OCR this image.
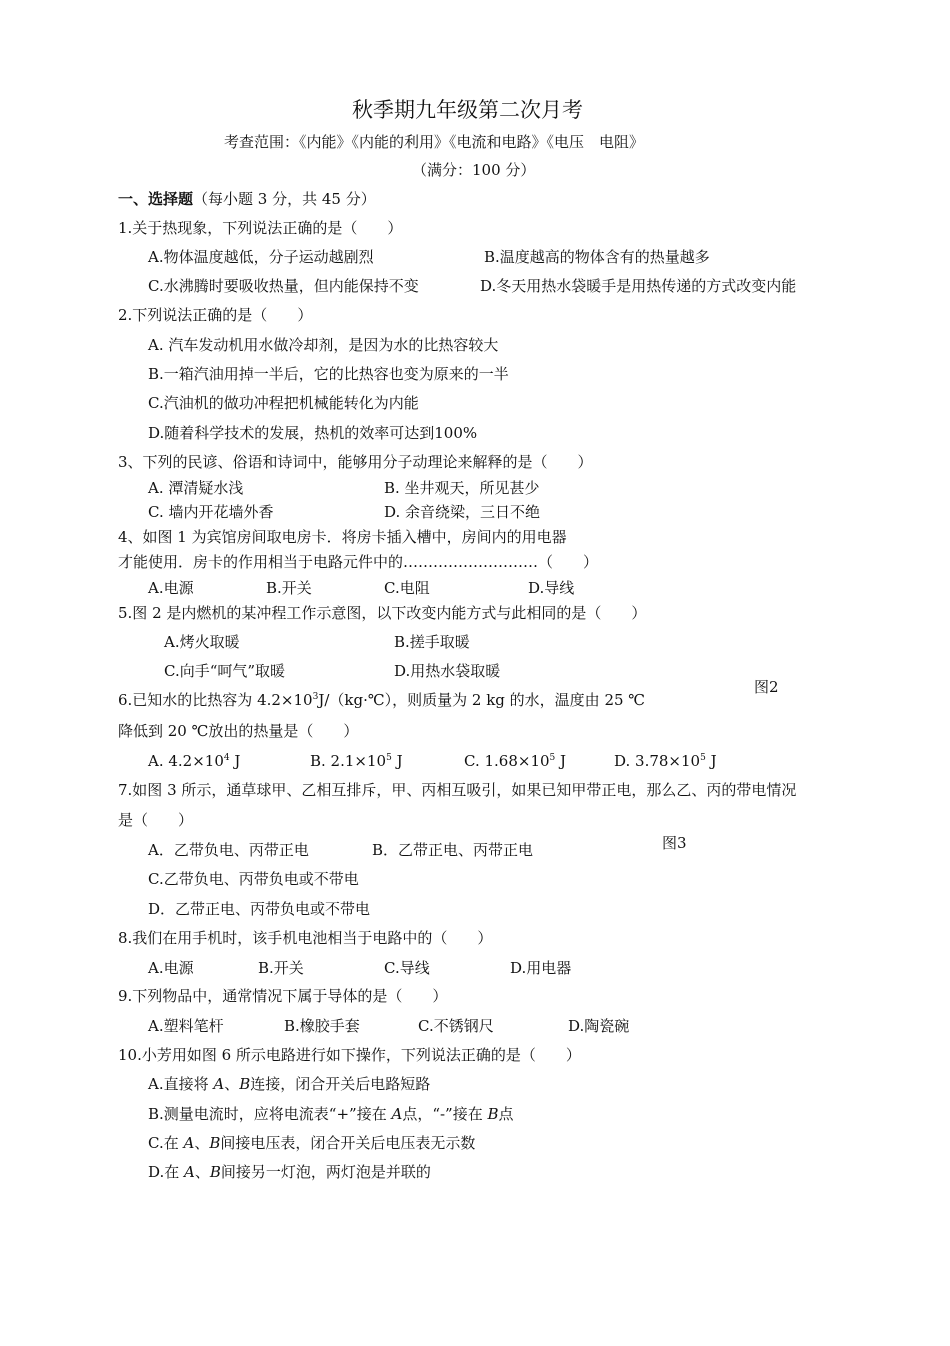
秋季期九年级第二次月考
考查范围：《内能》《内能的利用》《电流和电路》《电压　电阻》
（满分：100 分）
一、选择题（每小题 3 分，共 45 分）
1.关于热现象，下列说法正确的是（　　）
A.物体温度越低，分子运动越剧烈	B.温度越高的物体含有的热量越多
C.水沸腾时要吸收热量，但内能保持不变	D.冬天用热水袋暖手是用热传递的方式改变内能
2.下列说法正确的是（　　）
A. 汽车发动机用水做冷却剂，是因为水的比热容较大
B.一箱汽油用掉一半后，它的比热容也变为原来的一半
C.汽油机的做功冲程把机械能转化为内能
D.随着科学技术的发展，热机的效率可达到100%
3、下列的民谚、俗语和诗词中，能够用分子动理论来解释的是（　　）
A. 潭清疑水浅	B. 坐井观天，所见甚少
C. 墙内开花墙外香	D. 余音绕梁，三日不绝
4、如图 1 为宾馆房间取电房卡．将房卡插入槽中，房间内的用电器
才能使用．房卡的作用相当于电路元件中的………………………（　　）
A.电源	B.开关	C.电阻	D.导线
5.图 2 是内燃机的某冲程工作示意图，以下改变内能方式与此相同的是（　　）
A.烤火取暖	B.搓手取暖
C.向手“呵气”取暖	D.用热水袋取暖
图2
6.已知水的比热容为 $4.2\times 10^3J/(kg\cdot℃)$，则质量为 2 kg 的水，温度由 25 ℃
降低到 20 ℃放出的热量是（　　）
A. $4.2\times 10^4$ J	B. $2.1\times 10^5$ J	C. $1.68\times 10^5$ J	D. $3.78\times 10^5$ J
7.如图 3 所示，通草球甲、乙相互排斥，甲、丙相互吸引，如果已知甲带正电，那么乙、丙的带电情况
是（　　）
图3
A．乙带负电、丙带正电	B．乙带正电、丙带正电
C.乙带负电、丙带负电或不带电
D．乙带正电、丙带负电或不带电
8.我们在用手机时，该手机电池相当于电路中的（　　）
A.电源	B.开关	C.导线	D.用电器
9.下列物品中，通常情况下属于导体的是（　　）
A.塑料笔杆	B.橡胶手套	C.不锈钢尺	D.陶瓷碗
10.小芳用如图 6 所示电路进行如下操作，下列说法正确的是（　　）
A.直接将 A、B连接，闭合开关后电路短路
B.测量电流时，应将电流表“+”接在 A点，“-”接在 B点
C.在 A、B间接电压表，闭合开关后电压表无示数
D.在 A、B间接另一灯泡，两灯泡是并联的
